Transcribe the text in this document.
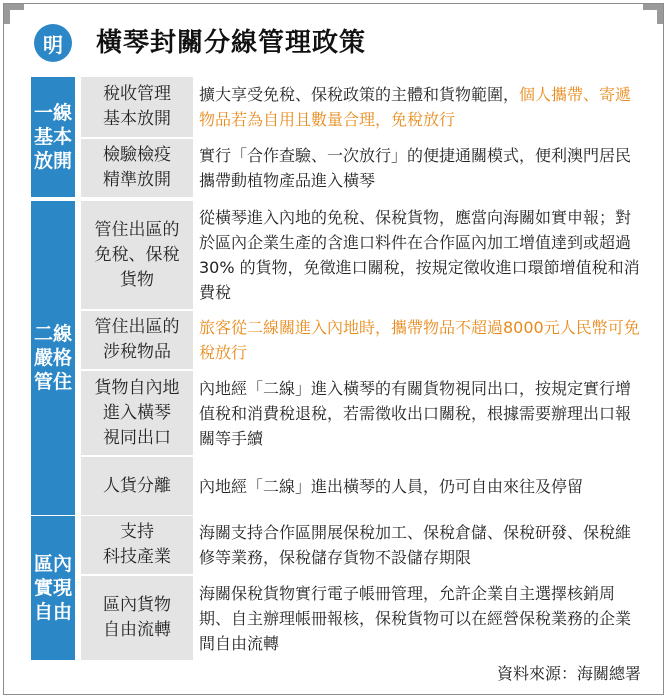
明	橫琴封關分線管理政策
一線
基本
放開
稅收管理
基本放開
擴大享受免稅、保稅政策的主體和貨物範圍，個人攜帶、寄遞物品若為自用且數量合理，免稅放行
檢驗檢疫
精準放開
實行「合作查驗、一次放行」的便捷通關模式，便利澳門居民攜帶動植物產品進入橫琴
二線
嚴格
管住
管住出區的
免稅、保稅
貨物
從橫琴進入內地的免稅、保稅貨物，應當向海關如實申報；對於區內企業生產的含進口料件在合作區內加工增值達到或超過30% 的貨物，免徵進口關稅，按規定徵收進口環節增值稅和消費稅
管住出區的
涉稅物品
旅客從二線關進入內地時，攜帶物品不超過8000元人民幣可免稅放行
貨物自內地
進入橫琴
視同出口
內地經「二線」進入橫琴的有關貨物視同出口，按規定實行增值稅和消費稅退稅，若需徵收出口關稅，根據需要辦理出口報關等手續
人貨分離 內地經「二線」進出橫琴的人員，仍可自由來往及停留
區內
實現
自由
支持
科技產業
海關支持合作區開展保稅加工、保稅倉儲、保稅研發、保稅維修等業務，保稅儲存貨物不設儲存期限
區內貨物
自由流轉
海關保稅貨物實行電子帳冊管理，允許企業自主選擇核銷周期、自主辦理帳冊報核，保稅貨物可以在經營保稅業務的企業間自由流轉
資料來源：海關總署
